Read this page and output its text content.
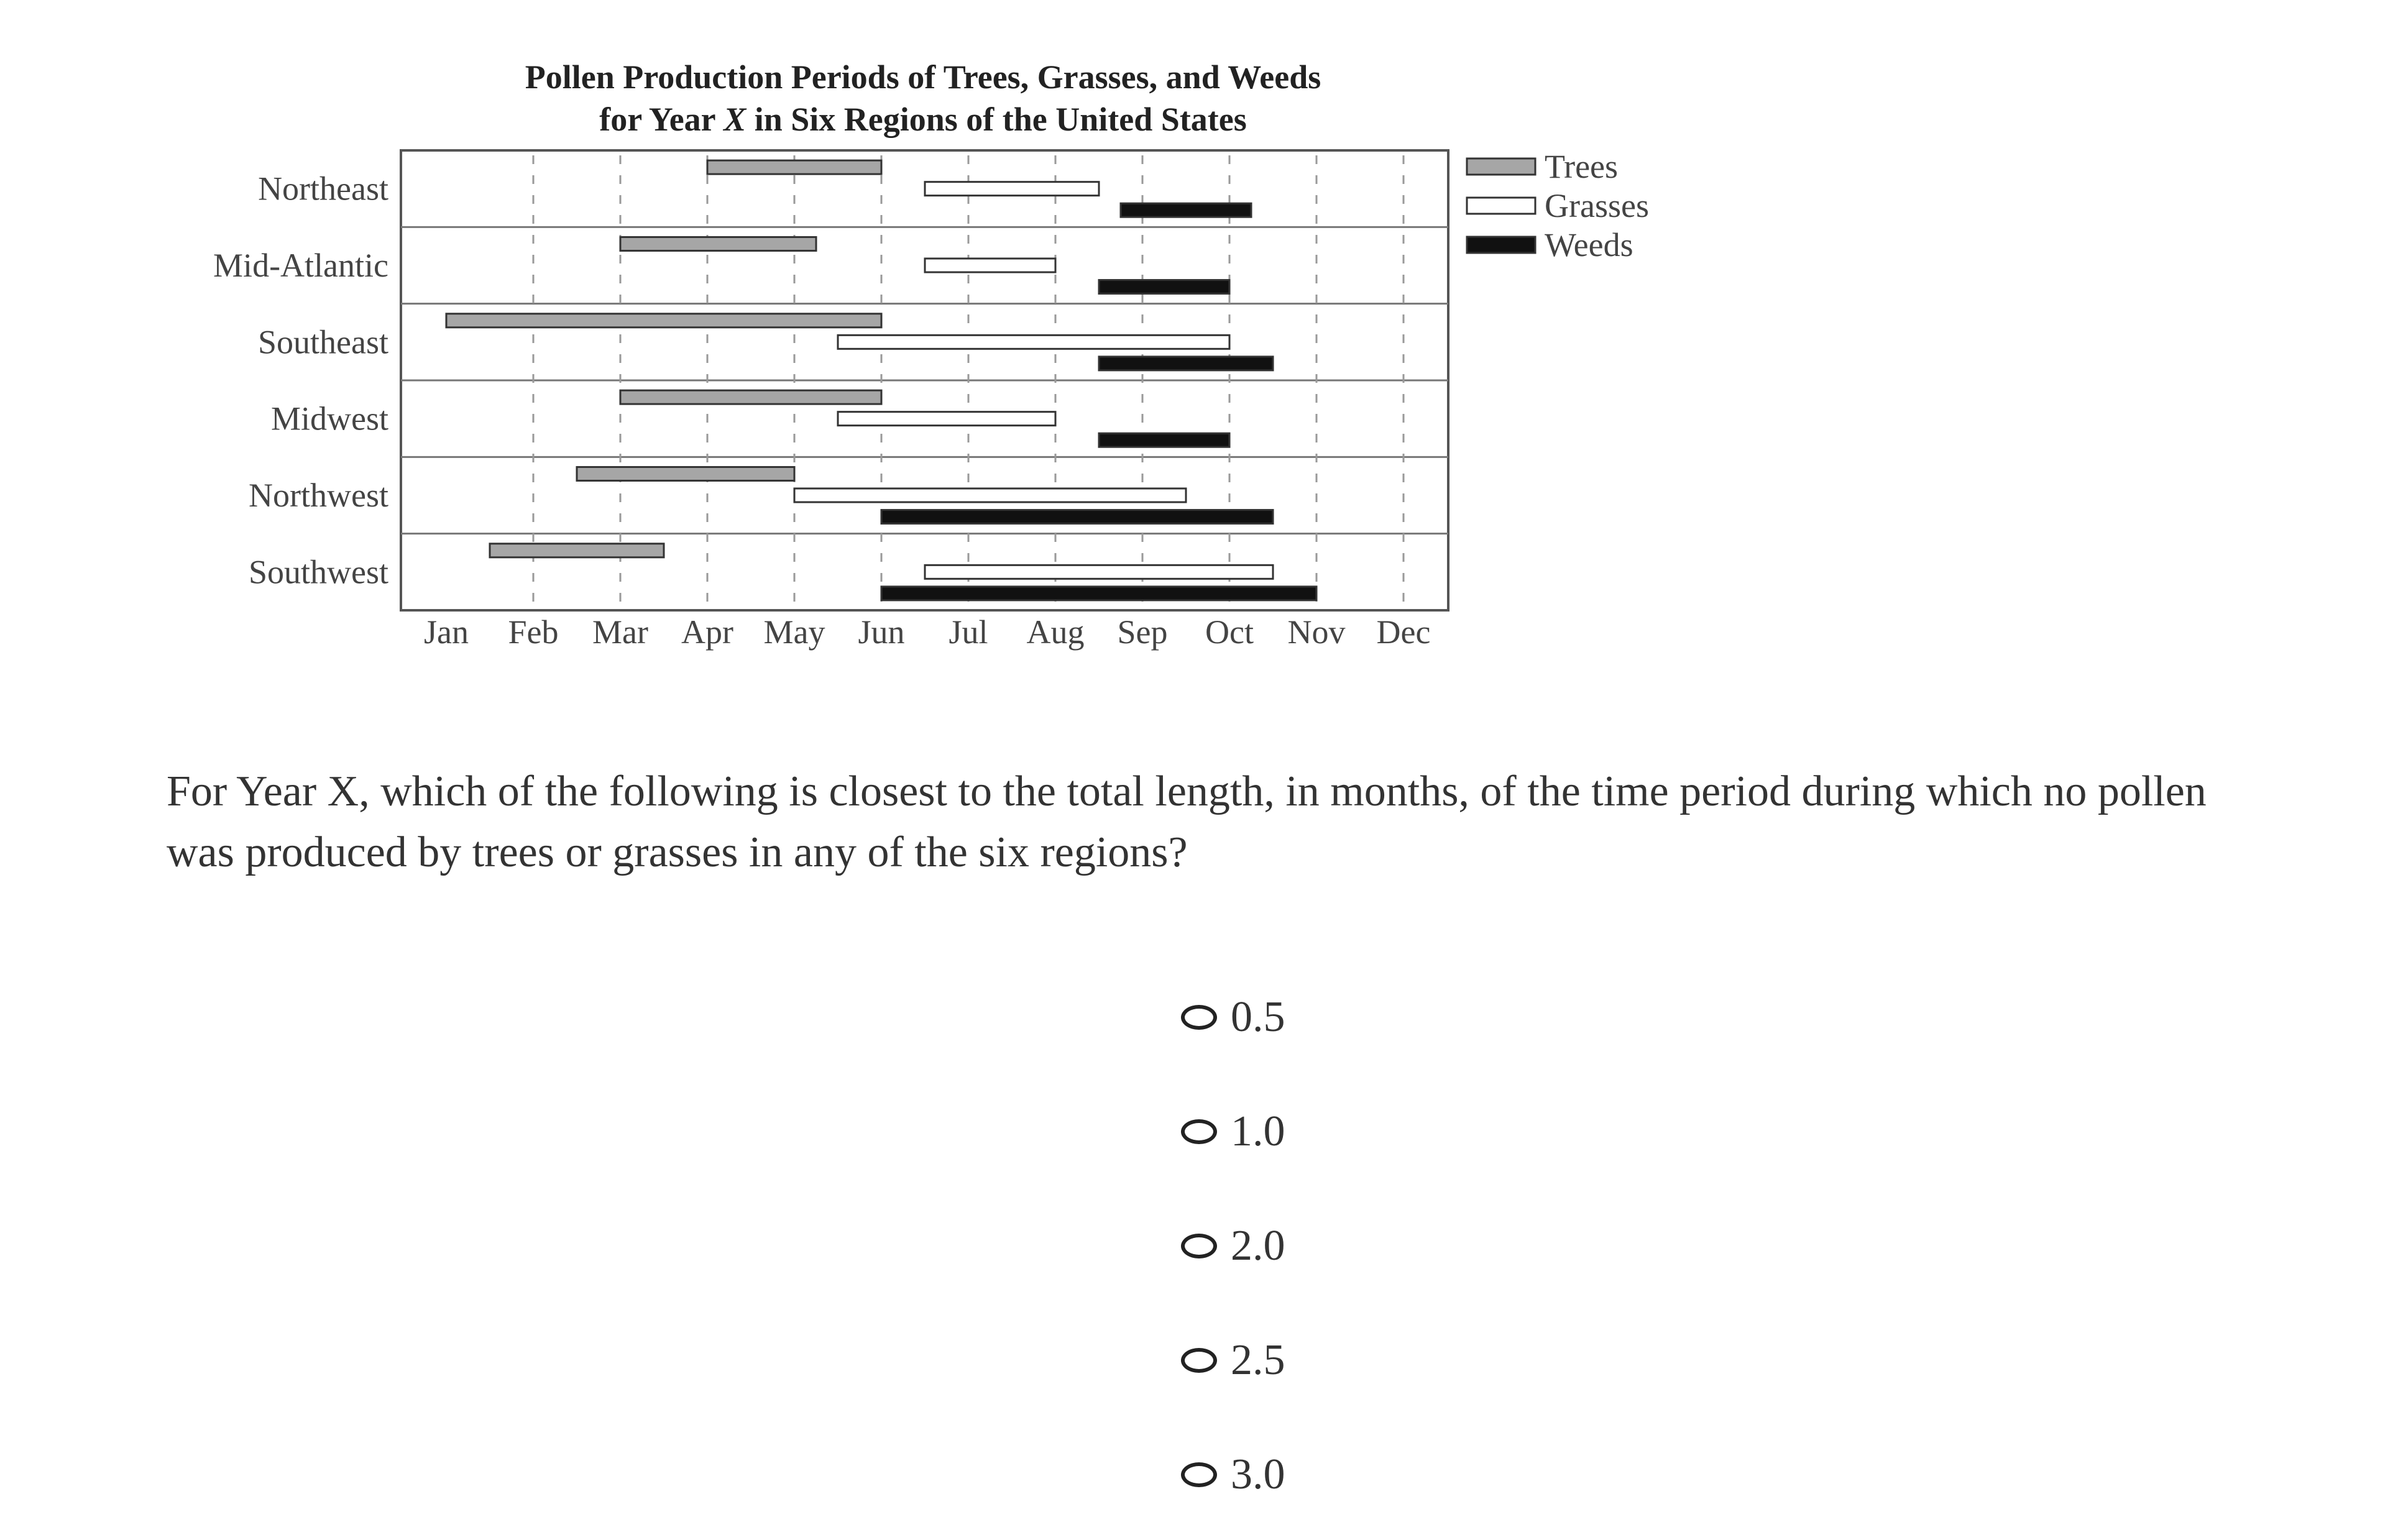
Pollen Production Periods of Trees, Grasses, and Weeds
for Year X in Six Regions of the United States
Northeast
Mid-Atlantic
Southeast
Midwest
Northwest
Southwest
Jan Feb Mar Apr May Jun Jul Aug Sep Oct Nov Dec
Trees
Grasses
Weeds

For Year X, which of the following is closest to the total length, in months, of the time period during which no pollen was produced by trees or grasses in any of the six regions?

0.5
1.0
2.0
2.5
3.0
